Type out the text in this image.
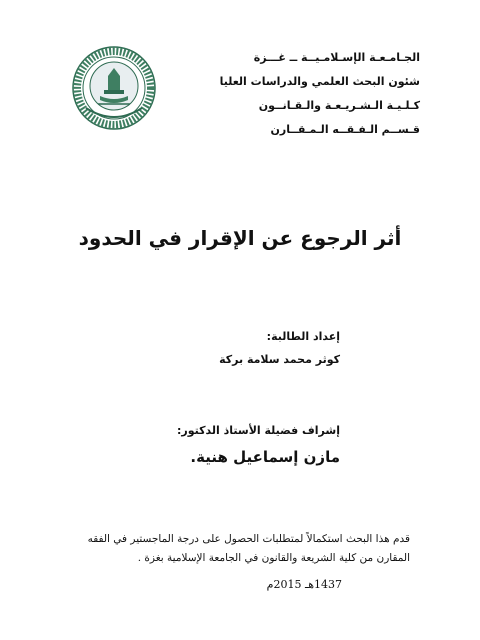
الجـامـعـة الإسـلامـيــة ــ غـــزة
شئون البحث العلمي والدراسات العليا
كـلـيـة الـشـريـعـة والـقـانــون
قـســم الـفـقــه الـمـقــارن
أثر الرجوع عن الإقرار في الحدود
إعداد الطالبة:
كوثر محمد سلامة بركة
إشراف فضيلة الأستاذ الدكتور:
مازن إسماعيل هنية.
قدم هذا البحث استكمالاً لمتطلبات الحصول على درجة الماجستير في الفقه المقارن من كلية الشريعة والقانون في الجامعة الإسلامية بغزة .
1437هـ 2015م
